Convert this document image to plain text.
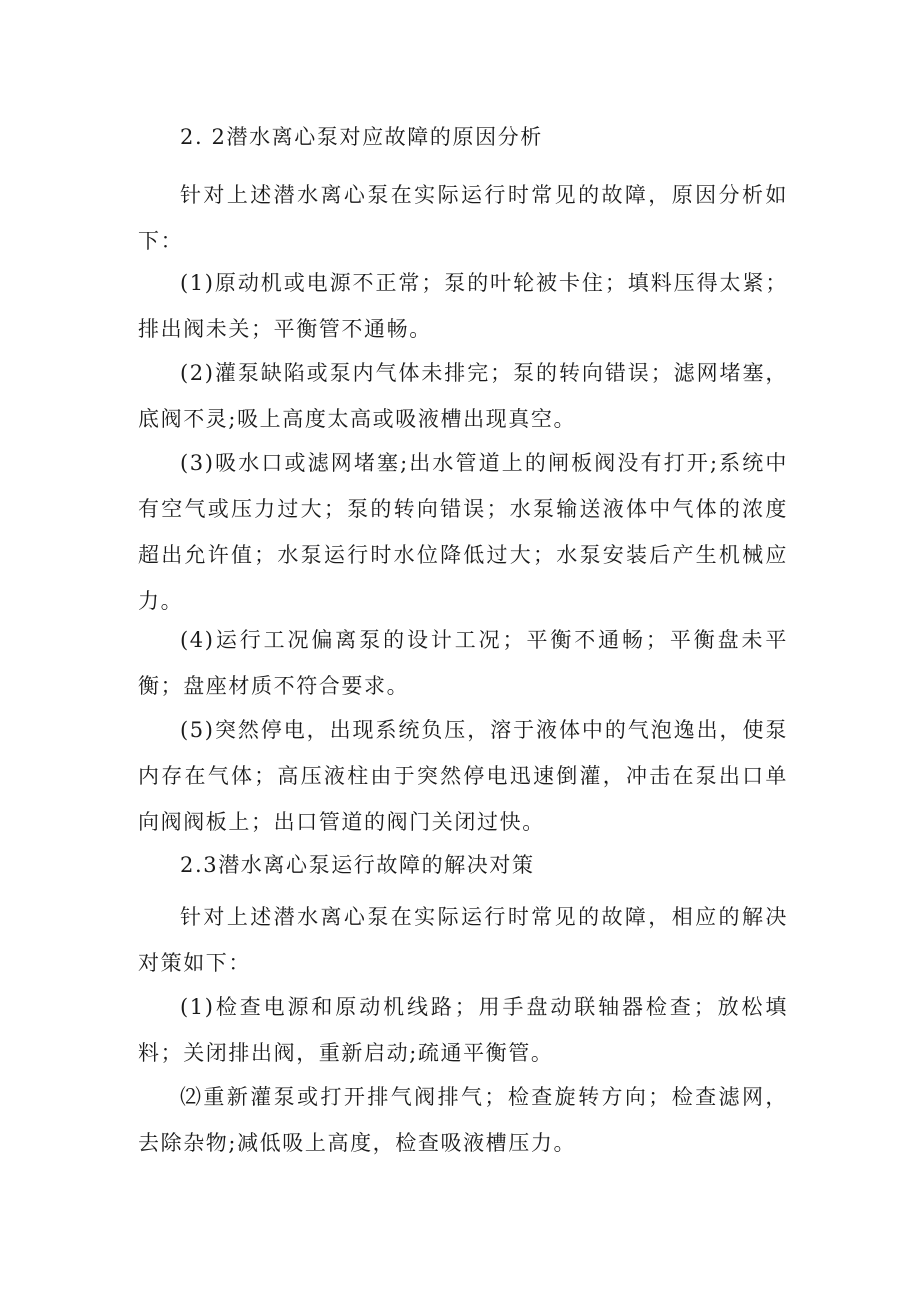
2. 2潜水离心泵对应故障的原因分析

针对上述潜水离心泵在实际运行时常见的故障，原因分析如下：

(1)原动机或电源不正常；泵的叶轮被卡住；填料压得太紧；排出阀未关；平衡管不通畅。

(2)灌泵缺陷或泵内气体未排完；泵的转向错误；滤网堵塞，底阀不灵;吸上高度太高或吸液槽出现真空。

(3)吸水口或滤网堵塞;出水管道上的闸板阀没有打开;系统中有空气或压力过大；泵的转向错误；水泵输送液体中气体的浓度超出允许值；水泵运行时水位降低过大；水泵安装后产生机械应力。

(4)运行工况偏离泵的设计工况；平衡不通畅；平衡盘未平衡；盘座材质不符合要求。

(5)突然停电，出现系统负压，溶于液体中的气泡逸出，使泵内存在气体；高压液柱由于突然停电迅速倒灌，冲击在泵出口单向阀阀板上；出口管道的阀门关闭过快。

2.3潜水离心泵运行故障的解决对策

针对上述潜水离心泵在实际运行时常见的故障，相应的解决对策如下：

(1)检查电源和原动机线路；用手盘动联轴器检查；放松填料；关闭排出阀，重新启动;疏通平衡管。

⑵重新灌泵或打开排气阀排气；检查旋转方向；检查滤网，去除杂物;减低吸上高度，检查吸液槽压力。
